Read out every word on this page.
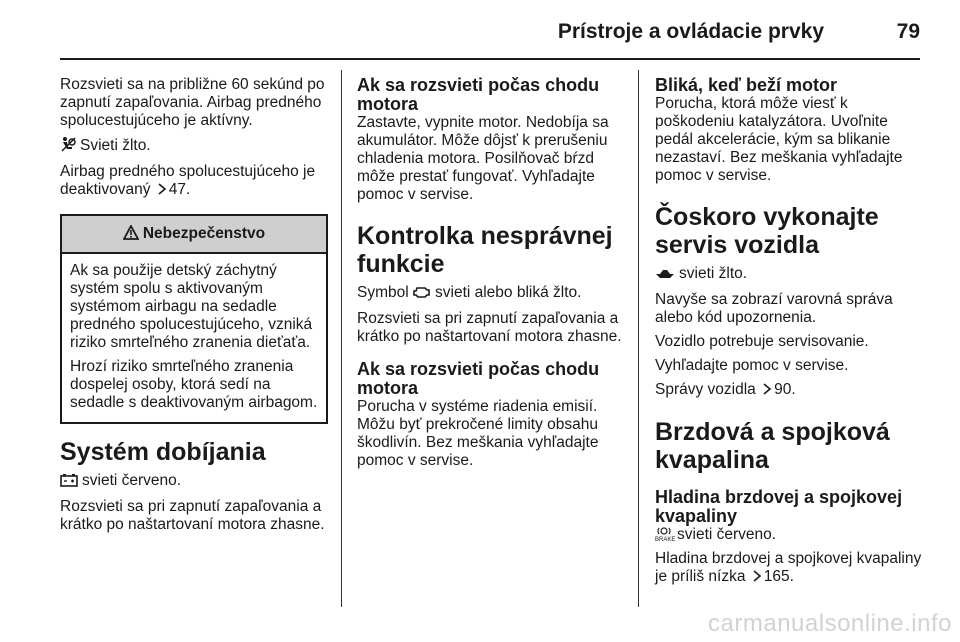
Prístroje a ovládacie prvky	79

Rozsvieti sa na približne 60 sekúnd po zapnutí zapaľovania. Airbag predného spolucestujúceho je aktívny.

Svieti žlto.

Airbag predného spolucestujúceho je deaktivovaný 47.

Nebezpečenstvo

Ak sa použije detský záchytný systém spolu s aktivovaným systémom airbagu na sedadle predného spolucestujúceho, vzniká riziko smrteľného zranenia dieťaťa.

Hrozí riziko smrteľného zranenia dospelej osoby, ktorá sedí na sedadle s deaktivovaným airbagom.

Systém dobíjania

svieti červeno.

Rozsvieti sa pri zapnutí zapaľovania a krátko po naštartovaní motora zhasne.

Ak sa rozsvieti počas chodu motora

Zastavte, vypnite motor. Nedobíja sa akumulátor. Môže dôjsť k prerušeniu chladenia motora. Posilňovač bŕzd môže prestať fungovať. Vyhľadajte pomoc v servise.

Kontrolka nesprávnej funkcie

Symbol svieti alebo bliká žlto.

Rozsvieti sa pri zapnutí zapaľovania a krátko po naštartovaní motora zhasne.

Ak sa rozsvieti počas chodu motora

Porucha v systéme riadenia emisií. Môžu byť prekročené limity obsahu škodlivín. Bez meškania vyhľadajte pomoc v servise.

Bliká, keď beží motor

Porucha, ktorá môže viesť k poškodeniu katalyzátora. Uvoľnite pedál akcelerácie, kým sa blikanie nezastaví. Bez meškania vyhľadajte pomoc v servise.

Čoskoro vykonajte servis vozidla

svieti žlto.

Navyše sa zobrazí varovná správa alebo kód upozornenia.

Vozidlo potrebuje servisovanie.

Vyhľadajte pomoc v servise.

Správy vozidla 90.

Brzdová a spojková kvapalina
Hladina brzdovej a spojkovej kvapaliny

BRAKE svieti červeno.

Hladina brzdovej a spojkovej kvapaliny je príliš nízka 165.

carmanualsonline.info
